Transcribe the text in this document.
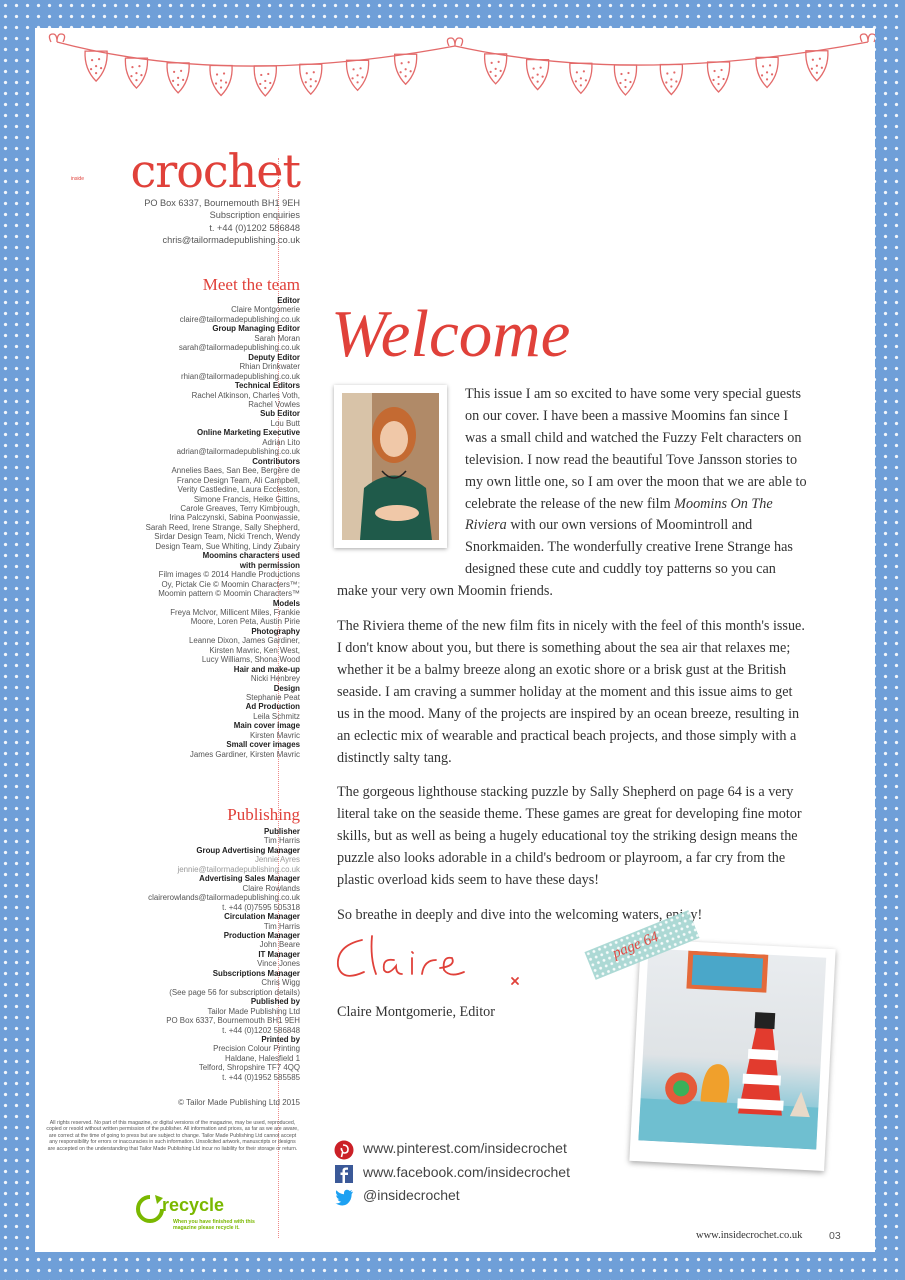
crochet
inside
PO Box 6337, Bournemouth BH1 9EH
Subscription enquiries
t. +44 (0)1202 586848
chris@tailormadepublishing.co.uk
Meet the team
Editor
Claire Montgomerie
claire@tailormadepublishing.co.uk
Group Managing Editor
Sarah Moran
sarah@tailormadepublishing.co.uk
Deputy Editor
Rhian Drinkwater
rhian@tailormadepublishing.co.uk
Technical Editors
Rachel Atkinson, Charles Voth,
Rachel Vowles
Sub Editor
Lou Butt
Online Marketing Executive
Adrian Lito
adrian@tailormadepublishing.co.uk
Contributors
Annelies Baes, San Bee, Bergère de
France Design Team, Ali Campbell,
Verity Castledine, Laura Eccleston,
Simone Francis, Heike Gittins,
Carole Greaves, Terry Kimbrough,
Irina Palczynski, Sabina Poonwassie,
Sarah Reed, Irene Strange, Sally Shepherd,
Sirdar Design Team, Nicki Trench, Wendy
Design Team, Sue Whiting, Lindy Zubairy
Moomins characters used
with permission
Film images © 2014 Handle Productions
Oy, Pictak Cie © Moomin Characters™;
Moomin pattern © Moomin Characters™
Models
Freya McIvor, Millicent Miles, Frankie
Moore, Loren Peta, Austin Pirie
Photography
Leanne Dixon, James Gardiner,
Kirsten Mavric, Ken West,
Lucy Williams, Shona Wood
Hair and make-up
Nicki Henbrey
Design
Stephanie Peat
Ad Production
Leila Schmitz
Main cover image
Kirsten Mavric
Small cover images
James Gardiner, Kirsten Mavric
Publishing
Publisher
Tim Harris
Group Advertising Manager
Jennie Ayres
jennie@tailormadepublishing.co.uk
Advertising Sales Manager
Claire Rowlands
clairerowlands@tailormadepublishing.co.uk
t. +44 (0)7595 505318
Circulation Manager
Tim Harris
Production Manager
John Beare
IT Manager
Vince Jones
Subscriptions Manager
Chris Wigg
(See page 56 for subscription details)
Published by
Tailor Made Publishing Ltd
PO Box 6337, Bournemouth BH1 9EH
t. +44 (0)1202 586848
Printed by
Precision Colour Printing
Haldane, Halesfield 1
Telford, Shropshire TF7 4QQ
t. +44 (0)1952 585585
© Tailor Made Publishing Ltd 2015
All rights reserved. No part of this magazine, or digital versions of the magazine, may be used, reproduced, copied or resold without written permission of the publisher. All information and prices, as far as we are aware, are correct at the time of going to press but are subject to change. Tailor Made Publishing Ltd cannot accept any responsibility for errors or inaccuracies in such information. Unsolicited artwork, manuscripts or designs are accepted on the understanding that Tailor Made Publishing Ltd incur no liability for their storage or return.
recycle
When you have finished with this magazine please recycle it.
Welcome

This issue I am so excited to have some very special guests on our cover. I have been a massive Moomins fan since I was a small child and watched the Fuzzy Felt characters on television. I now read the beautiful Tove Jansson stories to my own little one, so I am over the moon that we are able to celebrate the release of the new film Moomins On The Riviera with our own versions of Moomintroll and Snorkmaiden. The wonderfully creative Irene Strange has designed these cute and cuddly toy patterns so you can make your very own Moomin friends.

The Riviera theme of the new film fits in nicely with the feel of this month's issue. I don't know about you, but there is something about the sea air that relaxes me; whether it be a balmy breeze along an exotic shore or a brisk gust at the British seaside. I am craving a summer holiday at the moment and this issue aims to get us in the mood. Many of the projects are inspired by an ocean breeze, resulting in an eclectic mix of wearable and practical beach projects, and those simply with a distinctly salty tang.

The gorgeous lighthouse stacking puzzle by Sally Shepherd on page 64 is a very literal take on the seaside theme. These games are great for developing fine motor skills, but as well as being a hugely educational toy the striking design means the puzzle also looks adorable in a child's bedroom or playroom, a far cry from the plastic overload kids seem to have these days!

So breathe in deeply and dive into the welcoming waters, enjoy!

Claire Montgomerie, Editor
page 64
www.pinterest.com/insidecrochet
www.facebook.com/insidecrochet
@insidecrochet
www.insidecrochet.co.uk	03
